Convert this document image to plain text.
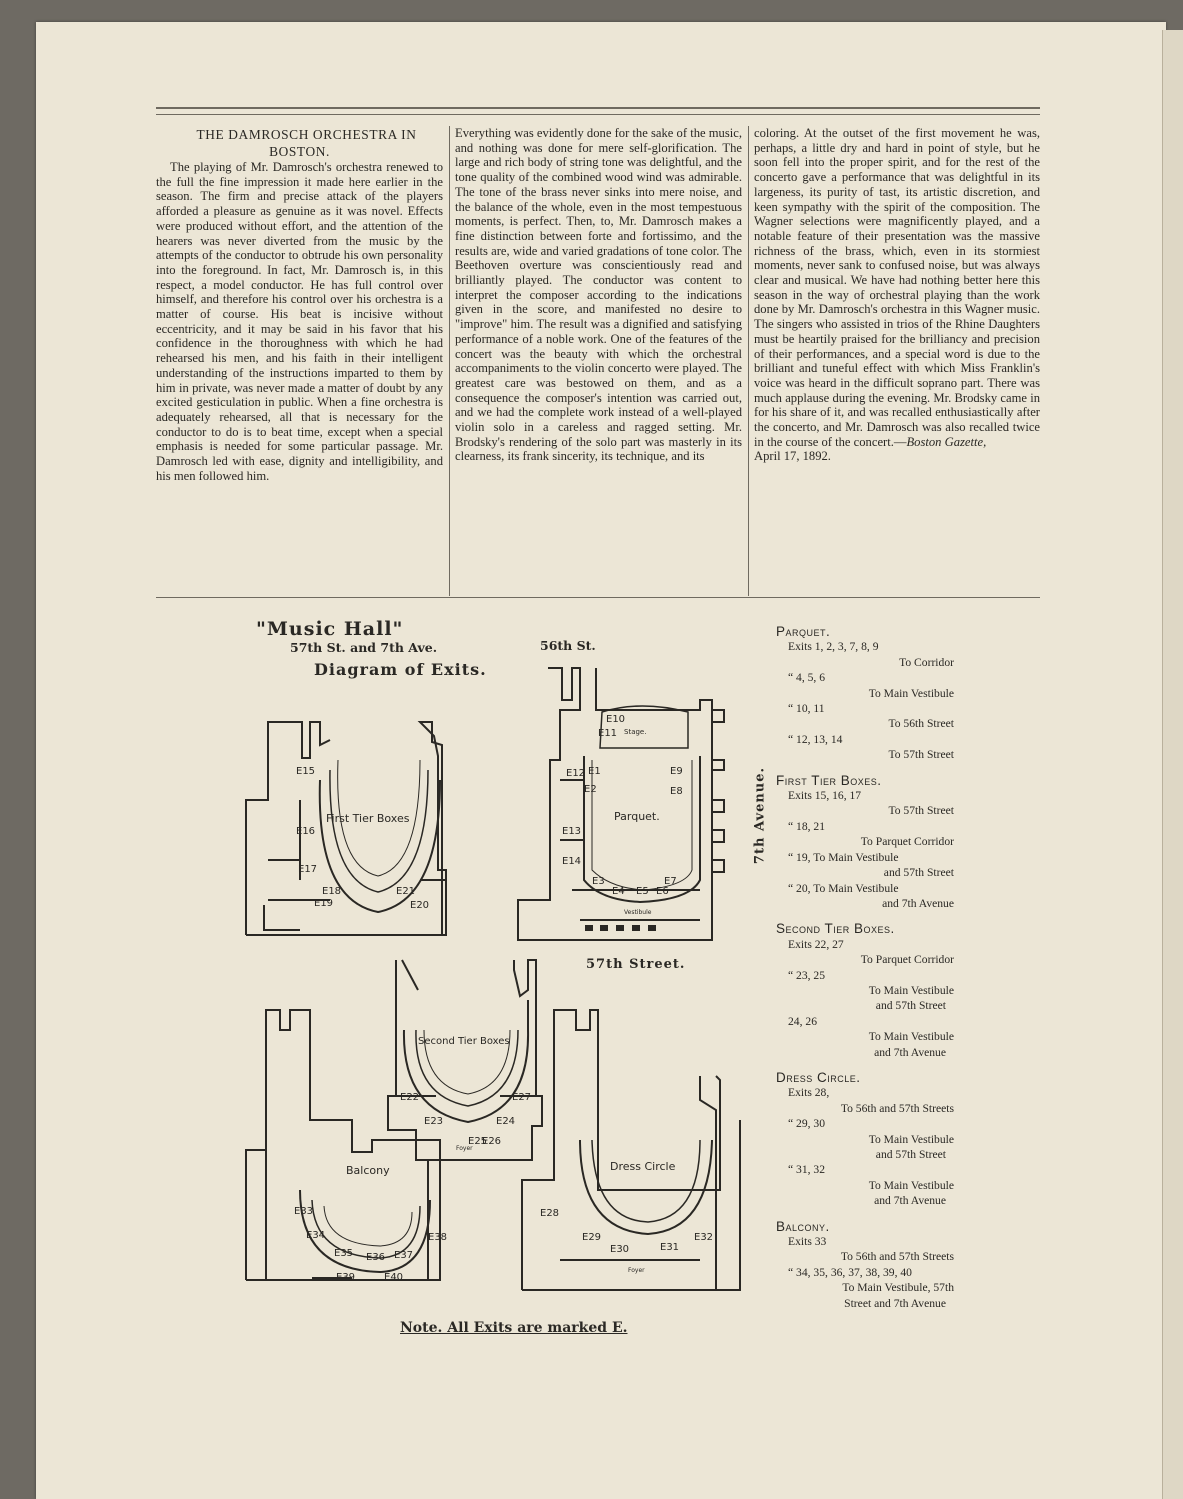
THE DAMROSCH ORCHESTRA IN BOSTON.

The playing of Mr. Damrosch's orchestra renewed to the full the fine impression it made here earlier in the season. The firm and precise attack of the players afforded a pleasure as genuine as it was novel. Effects were produced without effort, and the attention of the hearers was never diverted from the music by the attempts of the conductor to obtrude his own personality into the foreground. In fact, Mr. Damrosch is, in this respect, a model conductor. He has full control over himself, and therefore his control over his orchestra is a matter of course. His beat is incisive without eccentricity, and it may be said in his favor that his confidence in the thoroughness with which he had rehearsed his men, and his faith in their intelligent understanding of the instructions imparted to them by him in private, was never made a matter of doubt by any excited gesticulation in public. When a fine orchestra is adequately rehearsed, all that is necessary for the conductor to do is to beat time, except when a special emphasis is needed for some particular passage. Mr. Damrosch led with ease, dignity and intelligibility, and his men followed him.

Everything was evidently done for the sake of the music, and nothing was done for mere self-glorification. The large and rich body of string tone was delightful, and the tone quality of the combined wood wind was admirable. The tone of the brass never sinks into mere noise, and the balance of the whole, even in the most tempestuous moments, is perfect. Then, to, Mr. Damrosch makes a fine distinction between forte and fortissimo, and the results are, wide and varied gradations of tone color. The Beethoven overture was conscientiously read and brilliantly played. The conductor was content to interpret the composer according to the indications given in the score, and manifested no desire to "improve" him. The result was a dignified and satisfying performance of a noble work. One of the features of the concert was the beauty with which the orchestral accompaniments to the violin concerto were played. The greatest care was bestowed on them, and as a consequence the composer's intention was carried out, and we had the complete work instead of a well-played violin solo in a careless and ragged setting. Mr. Brodsky's rendering of the solo part was masterly in its clearness, its frank sincerity, its technique, and its

coloring. At the outset of the first movement he was, perhaps, a little dry and hard in point of style, but he soon fell into the proper spirit, and for the rest of the concerto gave a performance that was delightful in its largeness, its purity of tast, its artistic discretion, and keen sympathy with the spirit of the composition. The Wagner selections were magnificently played, and a notable feature of their presentation was the massive richness of the brass, which, even in its stormiest moments, never sank to confused noise, but was always clear and musical. We have had nothing better here this season in the way of orchestral playing than the work done by Mr. Damrosch's orchestra in this Wagner music. The singers who assisted in trios of the Rhine Daughters must be heartily praised for the brilliancy and precision of their performances, and a special word is due to the brilliant and tuneful effect with which Miss Franklin's voice was heard in the difficult soprano part. There was much applause during the evening. Mr. Brodsky came in for his share of it, and was recalled enthusiastically after the concerto, and Mr. Damrosch was also recalled twice in the course of the concert.—Boston Gazette,
April 17, 1892.

"Music Hall"
57th St. and 7th Ave.
Diagram of Exits.
56th St.
57th Street.
7th Avenue.
Note. All Exits are marked E.
First Tier Boxes	Parquet.
Stage.
Vestibule
Second Tier Boxes
Foyer
Balcony	Dress Circle
Foyer
E1
E2
E3
E4 E5 E6
E7
E8
E9
E10
E11
E12
E13
E14
E15
E16
E17
E18
E19	E20
E21
E22
E23	E24
E25
E26
E27
E28
E29
E30	E31
E32
E33
E34
E35 E36 E37
E38
E39	E40
Parquet.
Exits 1, 2, 3, 7, 8, 9
To Corridor
“ 4, 5, 6
To Main Vestibule
“ 10, 11
To 56th Street
“ 12, 13, 14
To 57th Street
First Tier Boxes.
Exits 15, 16, 17
To 57th Street
“ 18, 21
To Parquet Corridor
“ 19, To Main Vestibule
and 57th Street
“ 20, To Main Vestibule
and 7th Avenue
Second Tier Boxes.
Exits 22, 27
To Parquet Corridor
“ 23, 25
To Main Vestibule
and 57th Street
24, 26
To Main Vestibule
and 7th Avenue
Dress Circle.
Exits 28,
To 56th and 57th Streets
“ 29, 30
To Main Vestibule
and 57th Street
“ 31, 32
To Main Vestibule
and 7th Avenue
Balcony.
Exits 33
To 56th and 57th Streets
“ 34, 35, 36, 37, 38, 39, 40
To Main Vestibule, 57th
Street and 7th Avenue
